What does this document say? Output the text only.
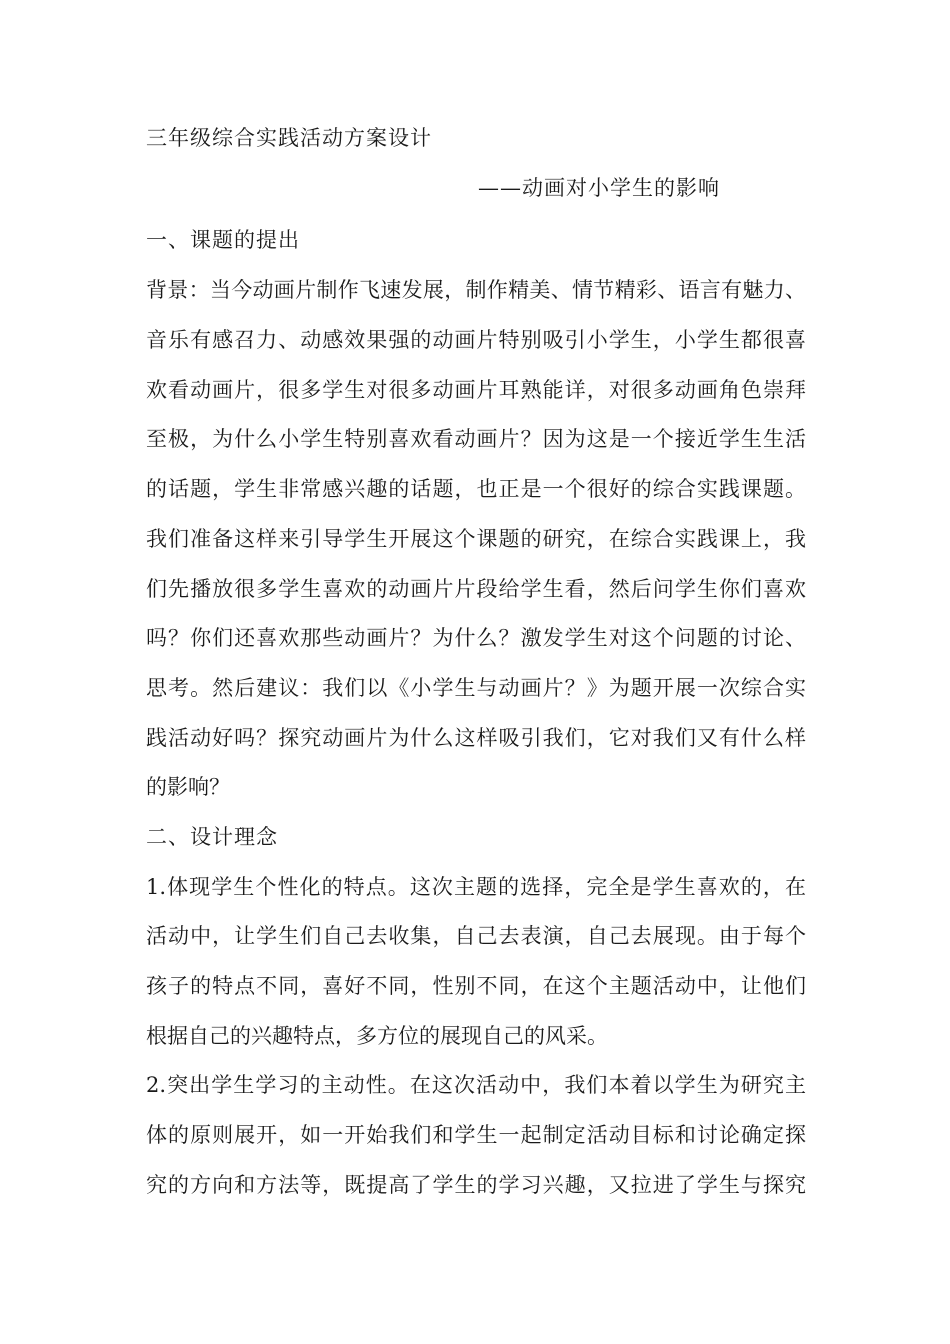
三年级综合实践活动方案设计
——动画对小学生的影响
一、课题的提出
背景：当今动画片制作飞速发展，制作精美、情节精彩、语言有魅力、
音乐有感召力、动感效果强的动画片特别吸引小学生，小学生都很喜
欢看动画片，很多学生对很多动画片耳熟能详，对很多动画角色崇拜
至极，为什么小学生特别喜欢看动画片？因为这是一个接近学生生活
的话题，学生非常感兴趣的话题，也正是一个很好的综合实践课题。
我们准备这样来引导学生开展这个课题的研究，在综合实践课上，我
们先播放很多学生喜欢的动画片片段给学生看，然后问学生你们喜欢
吗？你们还喜欢那些动画片？为什么？激发学生对这个问题的讨论、
思考。然后建议：我们以《小学生与动画片？》为题开展一次综合实
践活动好吗？探究动画片为什么这样吸引我们，它对我们又有什么样
的影响？
二、设计理念
1.体现学生个性化的特点。这次主题的选择，完全是学生喜欢的，在
活动中，让学生们自己去收集，自己去表演，自己去展现。由于每个
孩子的特点不同，喜好不同，性别不同，在这个主题活动中，让他们
根据自己的兴趣特点，多方位的展现自己的风采。
2.突出学生学习的主动性。在这次活动中，我们本着以学生为研究主
体的原则展开，如一开始我们和学生一起制定活动目标和讨论确定探
究的方向和方法等，既提高了学生的学习兴趣，又拉进了学生与探究
